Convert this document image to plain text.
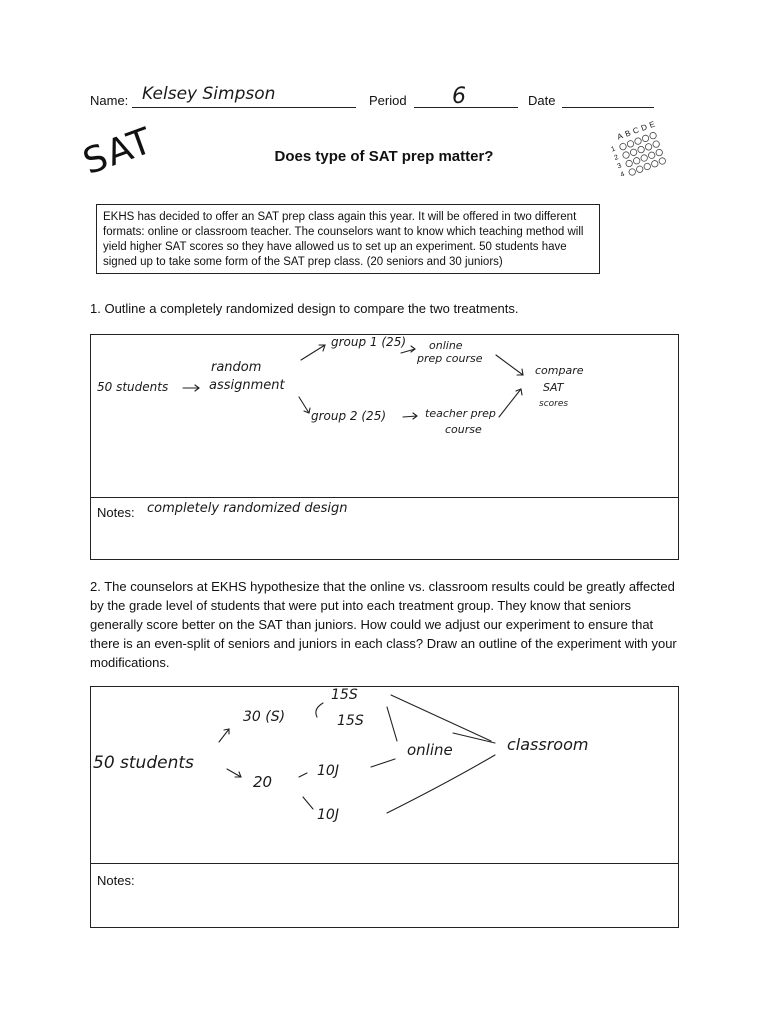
Name: Kelsey Simpson	Period 6	Date
SAT	Does type of SAT prep matter?
ABCDE
1
2
3
4
EKHS has decided to offer an SAT prep class again this year. It will be offered in two different formats: online or classroom teacher. The counselors want to know which teaching method will yield higher SAT scores so they have allowed us to set up an experiment. 50 students have signed up to take some form of the SAT prep class. (20 seniors and 30 juniors)
1. Outline a completely randomized design to compare the two treatments.
50 students
random
assignment
group 1 (25)
group 2 (25)
online
prep course
teacher prep
course
compare
SAT
scores
Notes: completely randomized design
2. The counselors at EKHS hypothesize that the online vs. classroom results could be greatly affected by the grade level of students that were put into each treatment group. They know that seniors generally score better on the SAT than juniors. How could we adjust our experiment to ensure that there is an even-split of seniors and juniors in each class? Draw an outline of the experiment with your modifications.
50 students
30 (S)
20
15S
15S
10J
10J
online	classroom
Notes:
